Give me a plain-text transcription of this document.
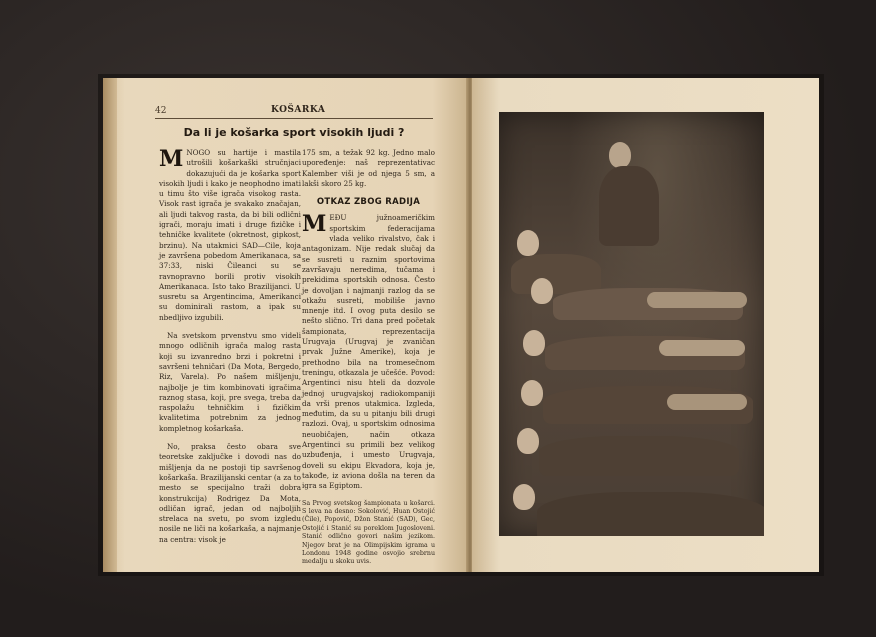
42	KOŠARKA
Da li je košarka sport visokih ljudi ?

MNOGO su hartije i mastila utrošili košarkaški stručnjaci dokazujući da je košarka sport visokih ljudi i kako je neophodno imati u timu što više igrača visokog rasta. Visok rast igrača je svakako značajan, ali ljudi takvog rasta, da bi bili odlični igrači, moraju imati i druge fizičke i tehničke kvalitete (okretnost, gipkost, brzinu). Na utakmici SAD—Cile, koja je završena pobedom Amerikanaca, sa 37:33, niski Čileanci su se ravnopravno borili protiv visokih Amerikanaca. Isto tako Brazilijanci. U susretu sa Argentincima, Amerikanci su dominirali rastom, a ipak su nbedljivo izgubili.

Na svetskom prvenstvu smo videli mnogo odličnih igrača malog rasta koji su izvanredno brzi i pokretni i savršeni tehničari (Da Mota, Bergedo, Riz, Varela). Po našem mišljenju, najbolje je tim kombinovati igračima raznog stasa, koji, pre svega, treba da raspolažu tehničkim i fizičkim kvalitetima potrebnim za jednog kompletnog košarkaša.

No, praksa često obara sve teoretske zaključke i dovodi nas do mišljenja da ne postoji tip savršenog košarkaša. Brazilijanski centar (a za to mesto se specijalno traži dobra konstrukcija) Rodrigez Da Mota, odličan igrač, jedan od najboljih strelaca na svetu, po svom izgledu nosile ne liči na košarkaša, a najmanje na centra: visok je

175 sm, a težak 92 kg. Jedno malo upoređenje: naš reprezentativac Kalember viši je od njega 5 sm, a lakši skoro 25 kg.

OTKAZ ZBOG RADIJA

MEĐU južnoameričkim sportskim federacijama vlada veliko rivalstvo, čak i antagonizam. Nije redak slučaj da se susreti u raznim sportovima završavaju neredima, tučama i prekidima sportskih odnosa. Često je dovoljan i najmanji razlog da se otkažu susreti, mobiliše javno mnenje itd. I ovog puta desilo se nešto slično. Tri dana pred početak šampionata, reprezentacija Urugvaja (Urugvaj je zvaničan prvak Južne Amerike), koja je prethodno bila na tromesečnom treningu, otkazala je učešće. Povod: Argentinci nisu hteli da dozvole jednoj urugvajskoj radiokompaniji da vrši prenos utakmica. Izgleda, međutim, da su u pitanju bili drugi razlozi. Ovaj, u sportskim odnosima neuobičajen, način otkaza Argentinci su primili bez velikog uzbuđenja, i umesto Urugvaja, doveli su ekipu Ekvadora, koja je, takođe, iz aviona došla na teren da igra sa Egiptom.

Sa Prvog svetskog šampionata u košarci. S leva na desno: Sokolović, Huan Ostojić (Čile), Popović, Džon Stanić (SAD), Gec, Ostojić i Stanić su poreklom Jugosloveni. Stanić odlično govori našim jezikom. Njegov brat je na Olimpijskim igrama u Londonu 1948 godine osvojio srebrnu medalju u skoku uvis.
